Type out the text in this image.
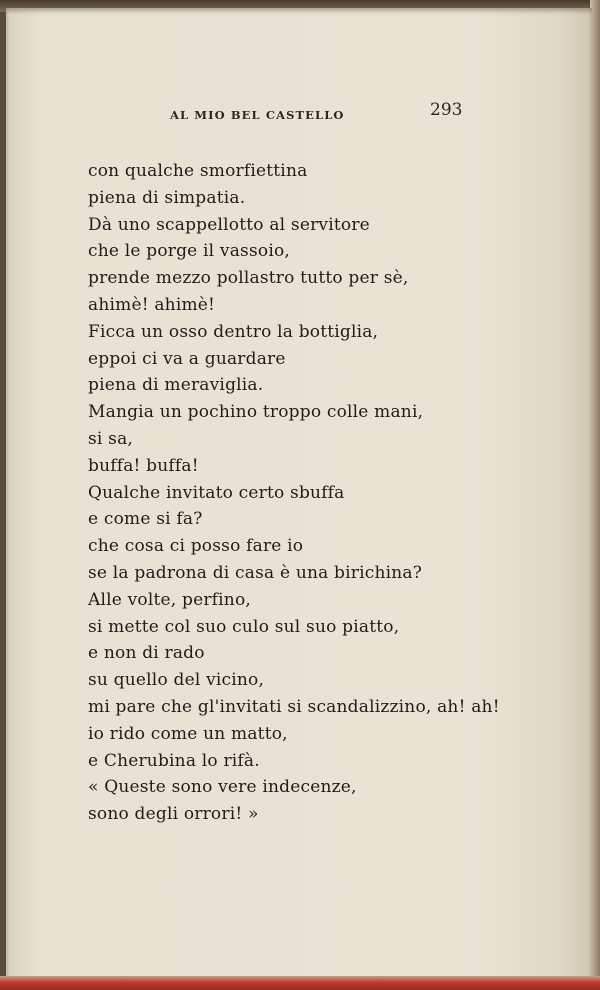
AL MIO BEL CASTELLO	293
con qualche smorfiettina
piena di simpatia.
Dà uno scappellotto al servitore
che le porge il vassoio,
prende mezzo pollastro tutto per sè,
ahimè! ahimè!
Ficca un osso dentro la bottiglia,
eppoi ci va a guardare
piena di meraviglia.
Mangia un pochino troppo colle mani,
si sa,
buffa! buffa!
Qualche invitato certo sbuffa
e come si fa?
che cosa ci posso fare io
se la padrona di casa è una birichina?
Alle volte, perfino,
si mette col suo culo sul suo piatto,
e non di rado
su quello del vicino,
mi pare che gl'invitati si scandalizzino, ah! ah!
io rido come un matto,
e Cherubina lo rifà.
« Queste sono vere indecenze,
sono degli orrori! »
